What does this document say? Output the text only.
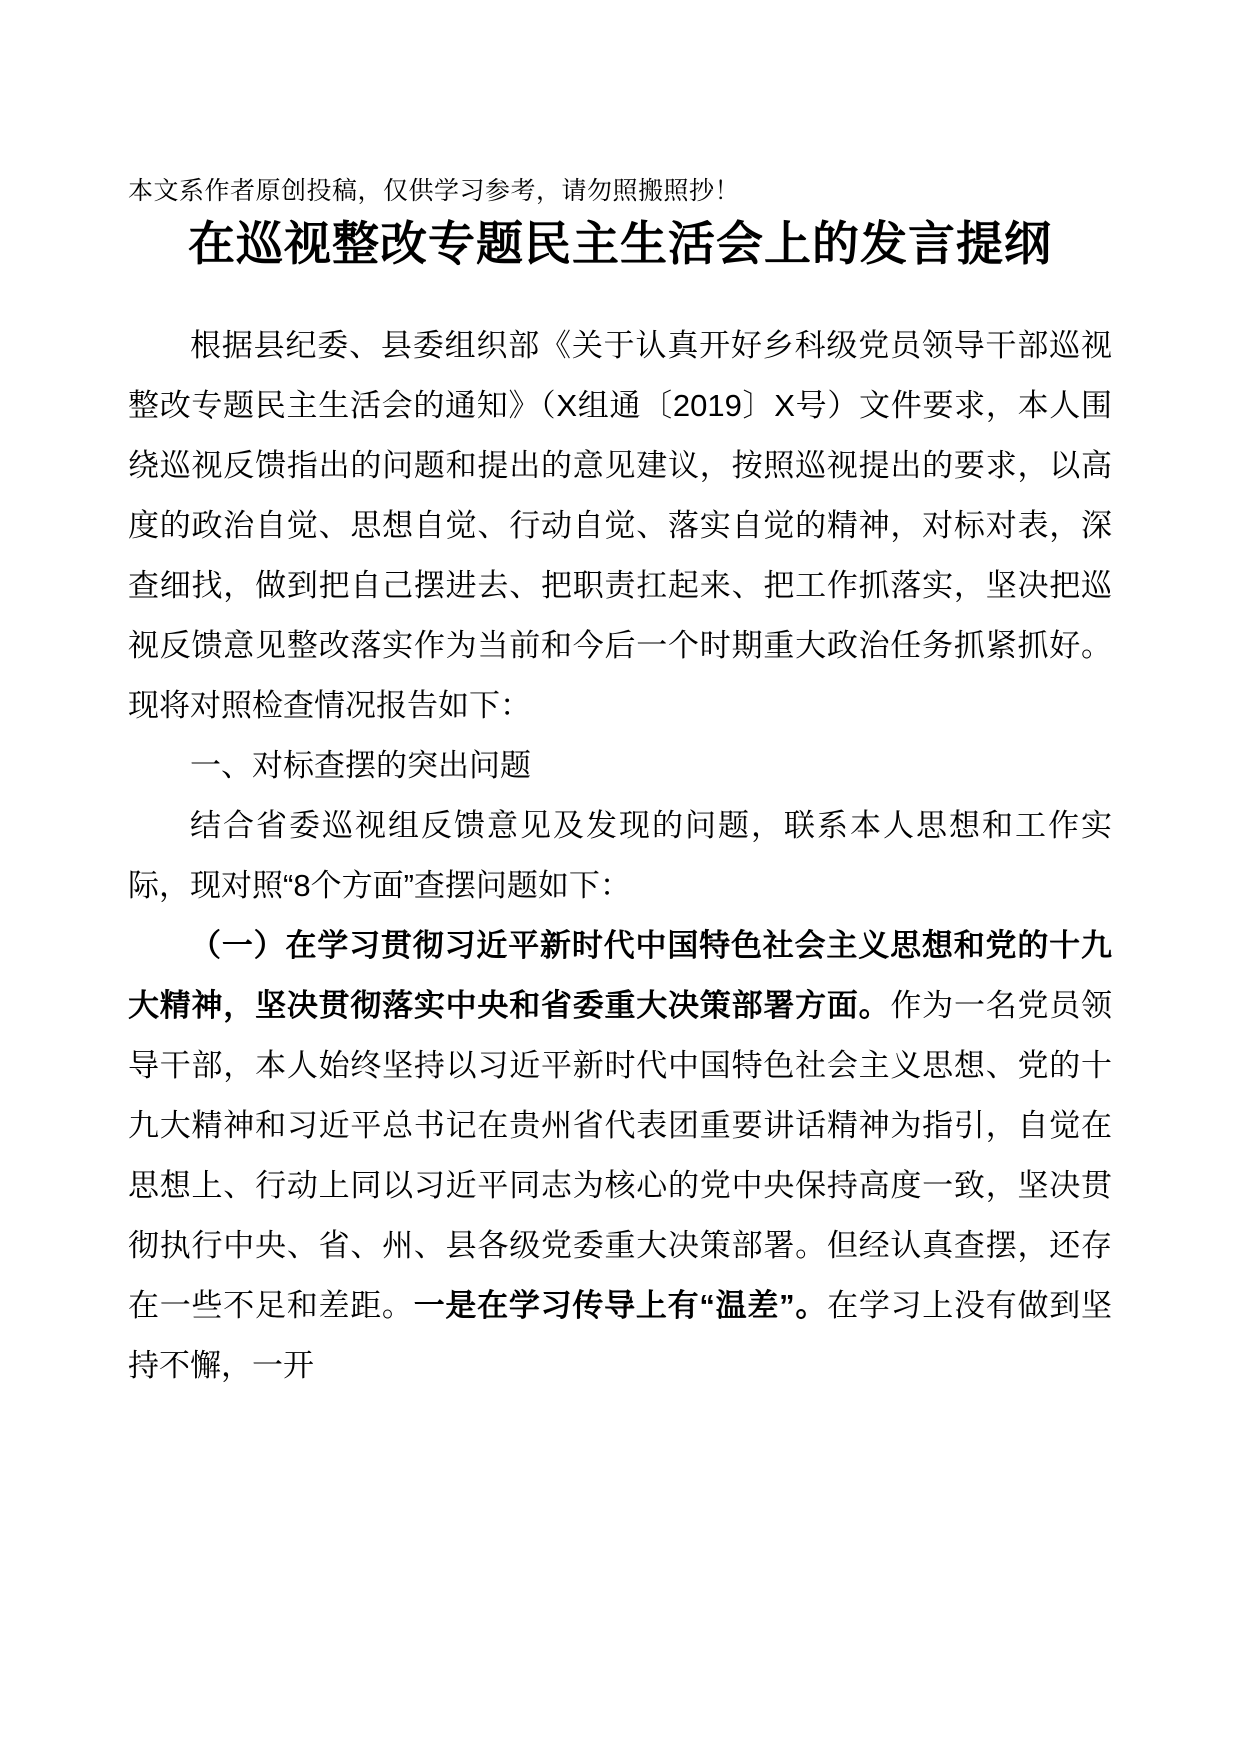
本文系作者原创投稿，仅供学习参考，请勿照搬照抄！
在巡视整改专题民主生活会上的发言提纲

根据县纪委、县委组织部《关于认真开好乡科级党员领导干部巡视整改专题民主生活会的通知》（X组通〔2019〕X号）文件要求，本人围绕巡视反馈指出的问题和提出的意见建议，按照巡视提出的要求，以高度的政治自觉、思想自觉、行动自觉、落实自觉的精神，对标对表，深查细找，做到把自己摆进去、把职责扛起来、把工作抓落实，坚决把巡视反馈意见整改落实作为当前和今后一个时期重大政治任务抓紧抓好。现将对照检查情况报告如下：

一、对标查摆的突出问题

结合省委巡视组反馈意见及发现的问题，联系本人思想和工作实际，现对照“8个方面”查摆问题如下：

（一）在学习贯彻习近平新时代中国特色社会主义思想和党的十九大精神，坚决贯彻落实中央和省委重大决策部署方面。作为一名党员领导干部，本人始终坚持以习近平新时代中国特色社会主义思想、党的十九大精神和习近平总书记在贵州省代表团重要讲话精神为指引，自觉在思想上、行动上同以习近平同志为核心的党中央保持高度一致，坚决贯彻执行中央、省、州、县各级党委重大决策部署。但经认真查摆，还存在一些不足和差距。一是在学习传导上有“温差”。在学习上没有做到坚持不懈，一开
